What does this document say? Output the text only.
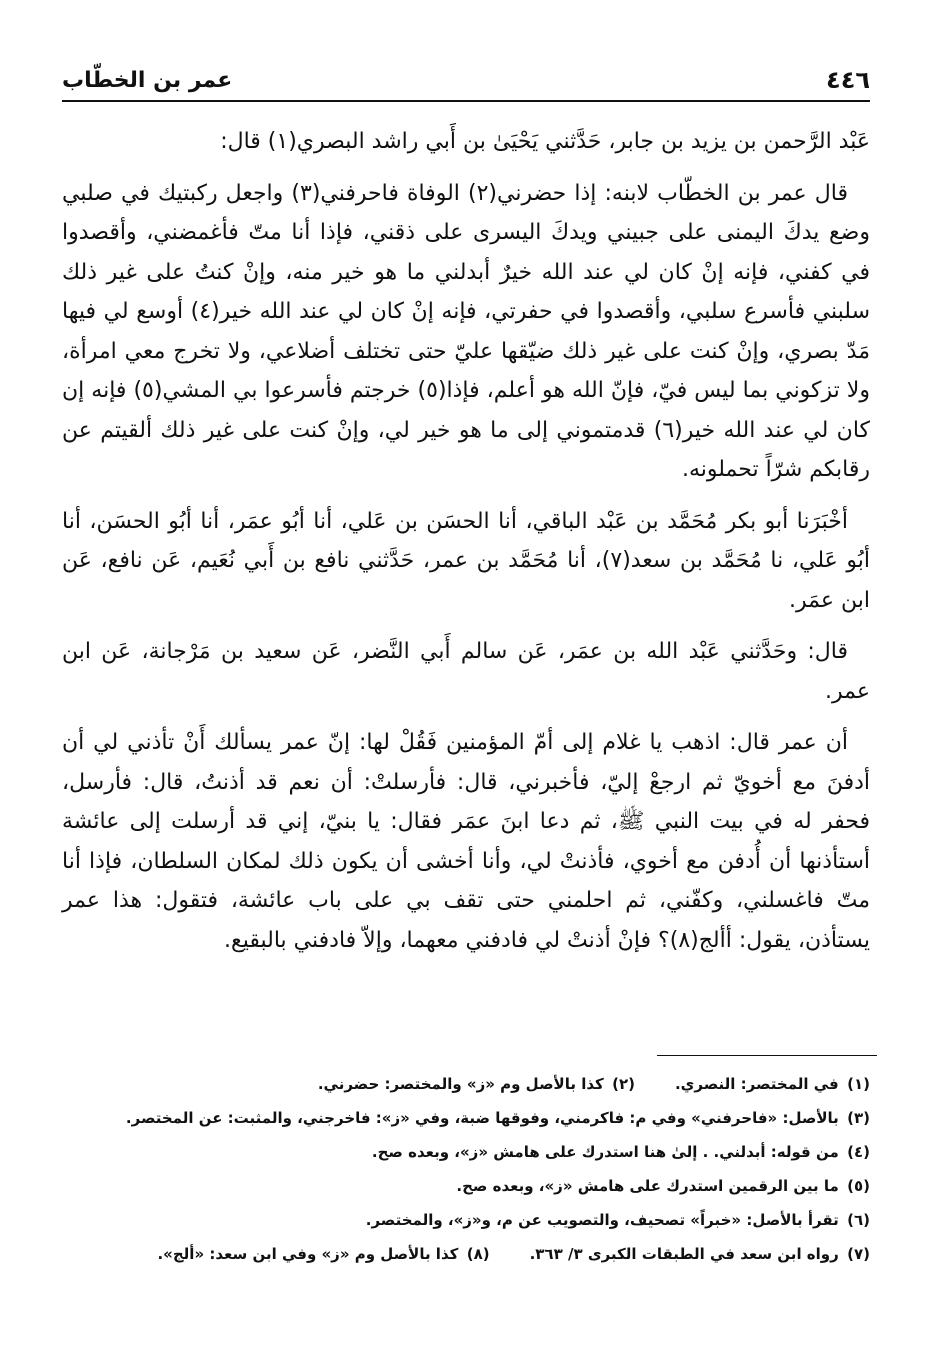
٤٤٦
عمر بن الخطّاب

عَبْد الرَّحمن بن يزيد بن جابر، حَدَّثني يَحْيَىٰ بن أَبي راشد البصري(١) قال:

قال عمر بن الخطّاب لابنه: إذا حضرني(٢) الوفاة فاحرفني(٣) واجعل ركبتيك في صلبي وضع يدكَ اليمنى على جبيني ويدكَ اليسرى على ذقني، فإذا أنا متّ فأغمضني، وأقصدوا في كفني، فإنه إنْ كان لي عند الله خيرٌ أبدلني ما هو خير منه، وإنْ كنتُ على غير ذلك سلبني فأسرع سلبي، وأقصدوا في حفرتي، فإنه إنْ كان لي عند الله خير(٤) أوسع لي فيها مَدّ بصري، وإنْ كنت على غير ذلك ضيّقها عليّ حتى تختلف أضلاعي، ولا تخرج معي امرأة، ولا تزكوني بما ليس فيّ، فإنّ الله هو أعلم، فإذا(٥) خرجتم فأسرعوا بي المشي(٥) فإنه إن كان لي عند الله خير(٦) قدمتموني إلى ما هو خير لي، وإنْ كنت على غير ذلك ألقيتم عن رقابكم شرّاً تحملونه.

أخْبَرَنا أبو بكر مُحَمَّد بن عَبْد الباقي، أنا الحسَن بن عَلي، أنا أبُو عمَر، أنا أبُو الحسَن، أنا أبُو عَلي، نا مُحَمَّد بن سعد(٧)، أنا مُحَمَّد بن عمر، حَدَّثني نافع بن أَبي نُعَيم، عَن نافع، عَن ابن عمَر.

قال: وحَدَّثني عَبْد الله بن عمَر، عَن سالم أَبي النَّضر، عَن سعيد بن مَرْجانة، عَن ابن عمر.

أن عمر قال: اذهب يا غلام إلى أمّ المؤمنين فَقُلْ لها: إنّ عمر يسألك أَنْ تأذني لي أن أدفنَ مع أخويّ ثم ارجعْ إليّ، فأخبرني، قال: فأرسلتْ: أن نعم قد أذنتُ، قال: فأرسل، فحفر له في بيت النبي ﷺ، ثم دعا ابنَ عمَر فقال: يا بنيّ، إني قد أرسلت إلى عائشة أستأذنها أن أُدفن مع أخوي، فأذنتْ لي، وأنا أخشى أن يكون ذلك لمكان السلطان، فإذا أنا متّ فاغسلني، وكفّني، ثم احلمني حتى تقف بي على باب عائشة، فتقول: هذا عمر يستأذن، يقول: أألج(٨)؟ فإنْ أذنتْ لي فادفني معهما، وإلاّ فادفني بالبقيع.

(١) في المختصر: النصري.
(٢) كذا بالأصل وم «ز» والمختصر: حضرني.
(٣) بالأصل: «فاحرفني» وفي م: فاكرمني، وفوقها ضبة، وفي «ز»: فاخرجني، والمثبت: عن المختصر.
(٤) من قوله: أبدلني. . إلىٰ هنا استدرك على هامش «ز»، وبعده صح.
(٥) ما بين الرقمين استدرك على هامش «ز»، وبعده صح.
(٦) تقرأ بالأصل: «خبراً» تصحيف، والتصويب عن م، و«ز»، والمختصر.
(٧) رواه ابن سعد في الطبقات الكبرى ٣/ ٣٦٣.
(٨) كذا بالأصل وم «ز» وفي ابن سعد: «ألج».
